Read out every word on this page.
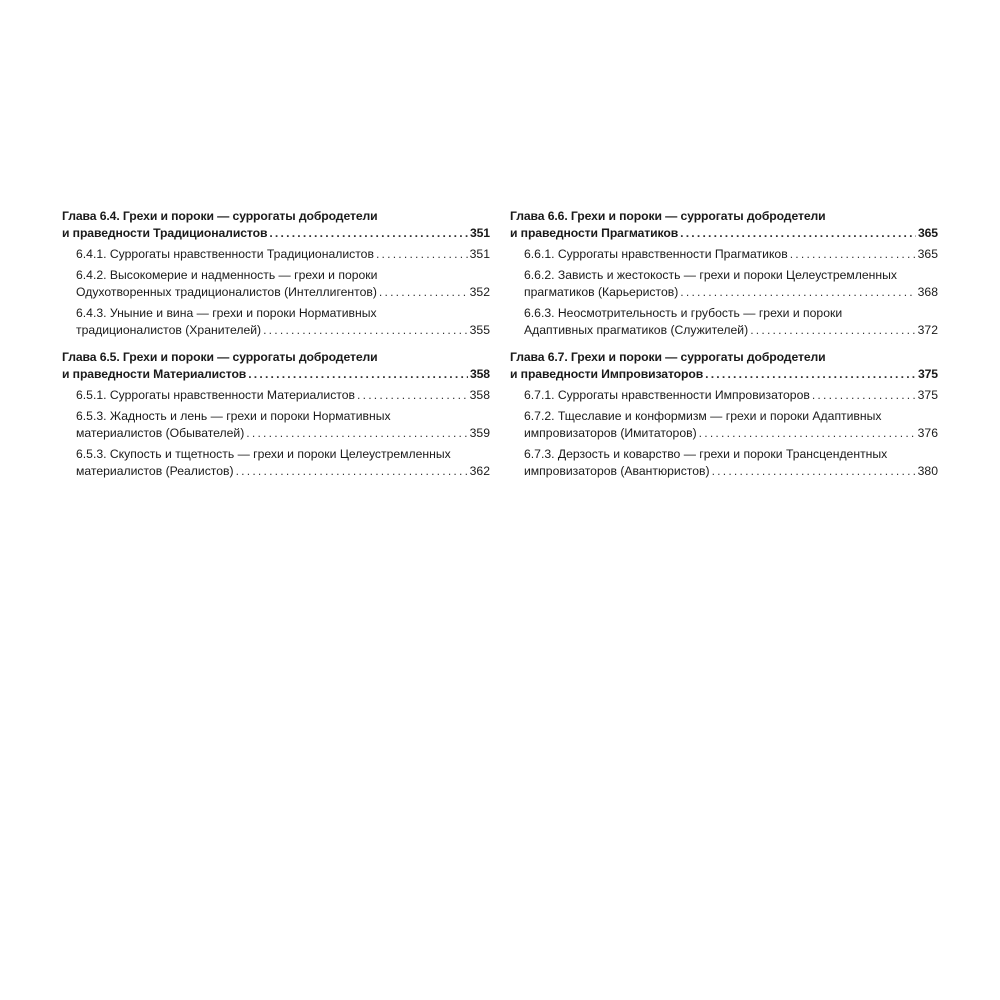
Глава 6.4. Грехи и пороки — суррогаты добродетели
и праведности Традиционалистов .....	351
6.4.1. Суррогаты нравственности Традиционалистов .....	351
6.4.2. Высокомерие и надменность — грехи и пороки
Одухотворенных традиционалистов (Интеллигентов) .....	352
6.4.3. Уныние и вина — грехи и пороки Нормативных
традиционалистов (Хранителей) .....	355
Глава 6.5. Грехи и пороки — суррогаты добродетели
и праведности Материалистов .....	358
6.5.1. Суррогаты нравственности Материалистов .....	358
6.5.3. Жадность и лень — грехи и пороки Нормативных
материалистов (Обывателей) .....	359
6.5.3. Скупость и тщетность — грехи и пороки Целеустремленных
материалистов (Реалистов) .....	362
Глава 6.6. Грехи и пороки — суррогаты добродетели
и праведности Прагматиков .....	365
6.6.1. Суррогаты нравственности Прагматиков .....	365
6.6.2. Зависть и жестокость — грехи и пороки Целеустремленных
прагматиков (Карьеристов) .....	368
6.6.3. Неосмотрительность и грубость — грехи и пороки
Адаптивных прагматиков (Служителей) .....	372
Глава 6.7. Грехи и пороки — суррогаты добродетели
и праведности Импровизаторов .....	375
6.7.1. Суррогаты нравственности Импровизаторов .....	375
6.7.2. Тщеславие и конформизм — грехи и пороки Адаптивных
импровизаторов (Имитаторов) .....	376
6.7.3. Дерзость и коварство — грехи и пороки Трансцендентных
импровизаторов (Авантюристов) .....	380
